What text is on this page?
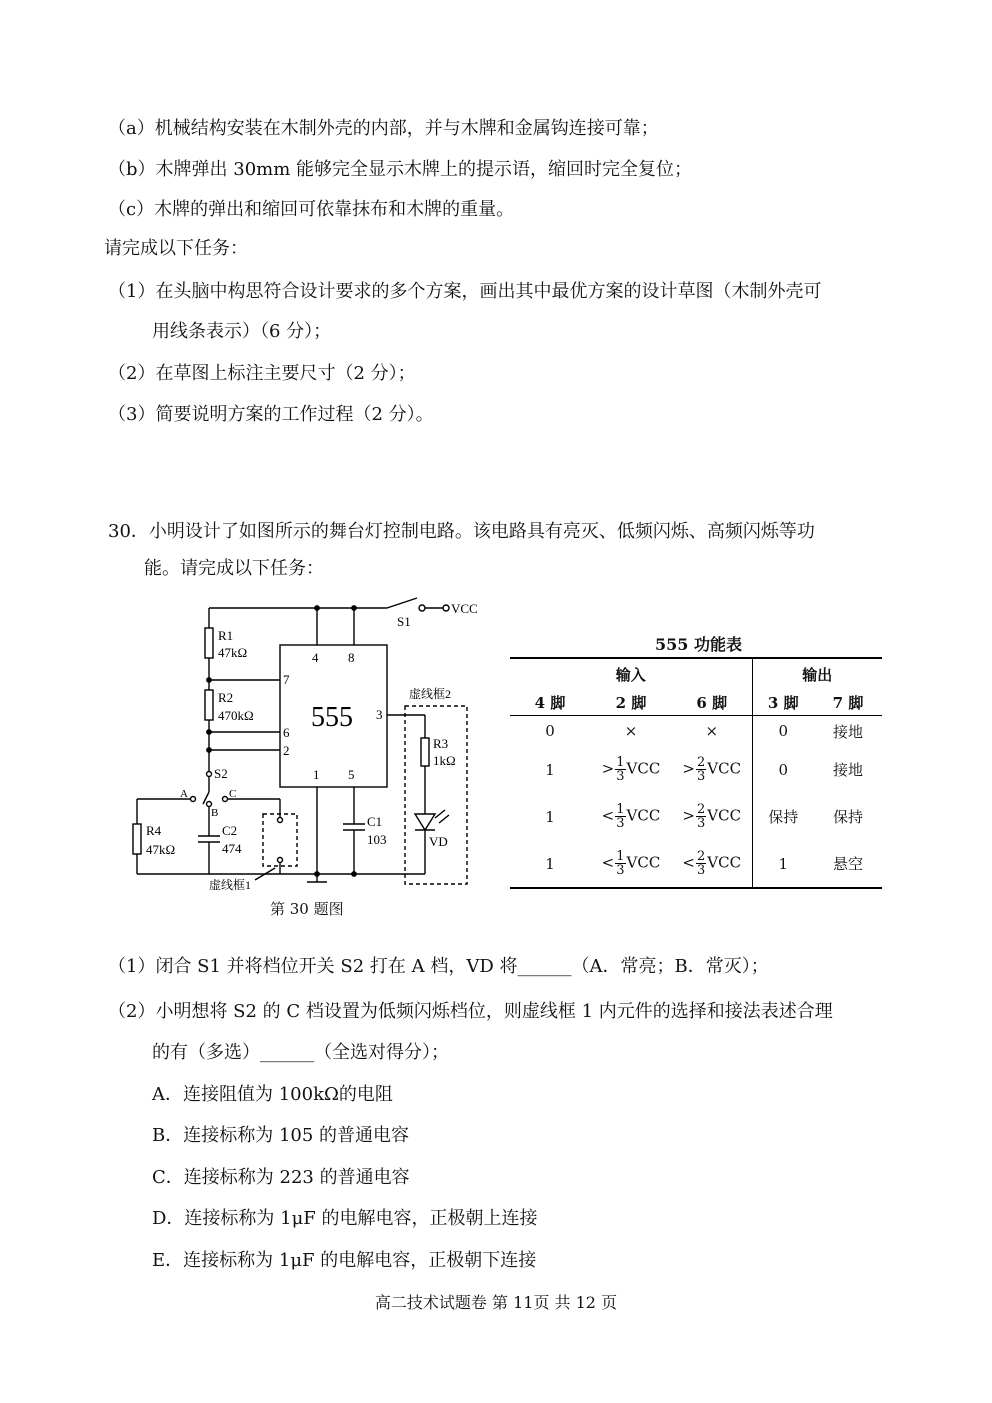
（a）机械结构安装在木制外壳的内部，并与木牌和金属钩连接可靠；
（b）木牌弹出 30mm 能够完全显示木牌上的提示语，缩回时完全复位；
（c）木牌的弹出和缩回可依靠抹布和木牌的重量。
请完成以下任务：
（1）在头脑中构思符合设计要求的多个方案，画出其中最优方案的设计草图（木制外壳可
用线条表示）（6 分）；
（2）在草图上标注主要尺寸（2 分）；
（3）简要说明方案的工作过程（2 分）。
30．小明设计了如图所示的舞台灯控制电路。该电路具有亮灭、低频闪烁、高频闪烁等功
能。请完成以下任务：
VCC
S1
R1
47kΩ
R2
470kΩ
4 8
7
6
2
1 5
3
555
C1
103
S2
A
B
C
R4
47kΩ
C2
474
虚线框1
虚线框2
R3
1kΩ
VD
第 30 题图
555 功能表
输入			输出	
4 脚	2 脚	6 脚	3 脚	7 脚
0	×	×	0	接地
1	> $\frac{1}{3}$ VCC	> $\frac{2}{3}$ VCC	0	接地
1	< $\frac{1}{3}$ VCC	> $\frac{2}{3}$ VCC	保持	保持
1	< $\frac{1}{3}$ VCC	< $\frac{2}{3}$ VCC	1	悬空
（1）闭合 S1 并将档位开关 S2 打在 A 档，VD 将______（A．常亮；B．常灭）；
（2）小明想将 S2 的 C 档设置为低频闪烁档位，则虚线框 1 内元件的选择和接法表述合理
的有（多选）______（全选对得分）；
A．连接阻值为 100kΩ的电阻
B．连接标称为 105 的普通电容
C．连接标称为 223 的普通电容
D．连接标称为 1μF 的电解电容，正极朝上连接
E．连接标称为 1μF 的电解电容，正极朝下连接
高二技术试题卷 第 11页 共 12 页
